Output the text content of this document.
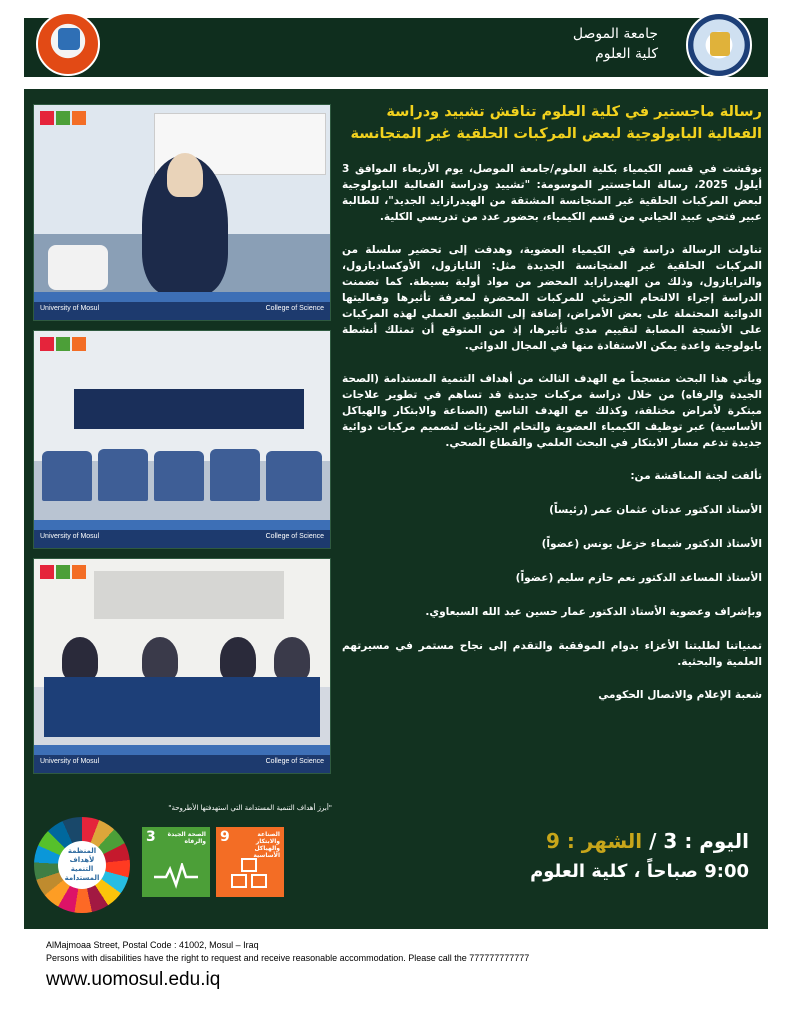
جامعة الموصل
كلية العلوم
University of Mosul	College of Science
University of Mosul	College of Science
University of Mosul	College of Science
رسالة ماجستير في كلية العلوم تناقش تشييد ودراسة الفعالية البايولوجية لبعض المركبات الحلقية غير المتجانسة

نوقشت في قسم الكيمياء بكلية العلوم/جامعة الموصل، يوم الأربعاء الموافق 3 أيلول 2025، رسالة الماجستير الموسومة: "تشييد ودراسة الفعالية البايولوجية لبعض المركبات الحلقية غير المتجانسة المشتقة من الهيدرازايد الجديد"، للطالبة عبير فتحي عبيد الحياني من قسم الكيمياء، بحضور عدد من تدريسي الكلية.

تناولت الرسالة دراسة في الكيمياء العضوية، وهدفت إلى تحضير سلسلة من المركبات الحلقية غير المتجانسة الجديدة مثل: الثايازول، الأوكساديازول، والترايازول، وذلك من الهيدرازايد المحضر من مواد أولية بسيطة. كما تضمنت الدراسة إجراء الالتحام الجزيئي للمركبات المحضرة لمعرفة تأثيرها وفعاليتها الدوائية المحتملة على بعض الأمراض، إضافة إلى التطبيق العملي لهذه المركبات على الأنسجة المصابة لتقييم مدى تأثيرها، إذ من المتوقع أن تمتلك أنشطة بايولوجية واعدة يمكن الاستفادة منها في المجال الدوائي.

ويأتي هذا البحث منسجماً مع الهدف الثالث من أهداف التنمية المستدامة (الصحة الجيدة والرفاه) من خلال دراسة مركبات جديدة قد تساهم في تطوير علاجات مبتكرة لأمراض مختلفة، وكذلك مع الهدف التاسع (الصناعة والابتكار والهياكل الأساسية) عبر توظيف الكيمياء العضوية والتحام الجزيئات لتصميم مركبات دوائية جديدة تدعم مسار الابتكار في البحث العلمي والقطاع الصحي.

تألفت لجنة المناقشة من:

الأستاذ الدكتور عدنان عثمان عمر (رئيساً)

الأستاذ الدكتور شيماء خزعل يونس (عضواً)

الأستاذ المساعد الدكتور نعم حازم سليم (عضواً)

وبإشراف وعضوية الأستاذ الدكتور عمار حسين عبد الله السبعاوي.

تمنياتنا لطلبتنا الأعزاء بدوام الموفقية والتقدم إلى نجاح مستمر في مسيرتهم العلمية والبحثية.

شعبة الإعلام والاتصال الحكومي

"أبرز أهداف التنمية المستدامة التي استهدفتها الأطروحة"
المنظمة لأهداف التنمية المستدامة
3	الصحة الجيدة والرفاه 9	الصناعة والابتكار والهياكل الأساسية
اليوم : 3 / الشهر : 9
9:00 صباحاً ، كلية العلوم
AlMajmoaa Street, Postal Code : 41002, Mosul – Iraq
Persons with disabilities have the right to request and receive reasonable accommodation. Please call the 777777777777
www.uomosul.edu.iq
